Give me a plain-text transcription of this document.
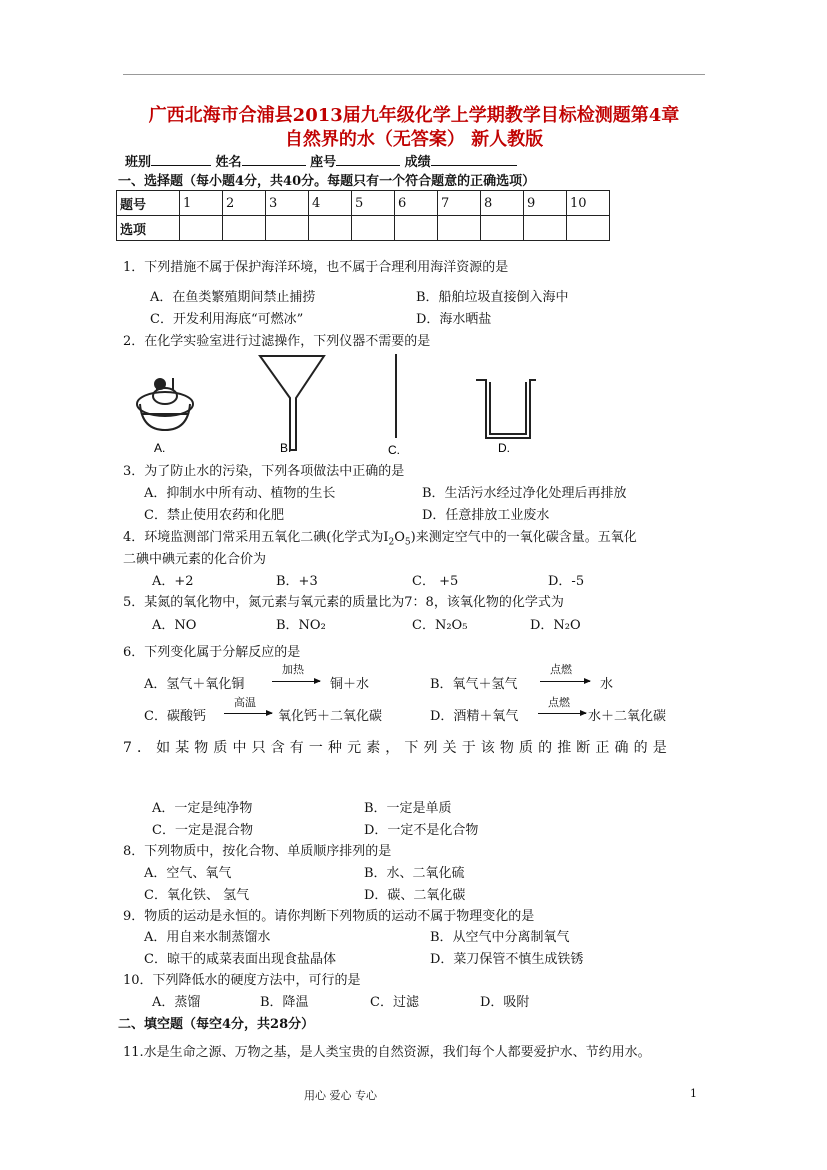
广西北海市合浦县2013届九年级化学上学期教学目标检测题第4章
自然界的水（无答案） 新人教版
班别	姓名	座号	成绩
一、选择题（每小题4分，共40分。每题只有一个符合题意的正确选项）
题号	1	2	3	4	5	6	7	8	9	10
选项										
1．下列措施不属于保护海洋环境，也不属于合理利用海洋资源的是
A．在鱼类繁殖期间禁止捕捞	B．船舶垃圾直接倒入海中
C．开发利用海底“可燃冰”	D．海水晒盐
2．在化学实验室进行过滤操作，下列仪器不需要的是
A.	B.	C.	D.
3．为了防止水的污染，下列各项做法中正确的是
A．抑制水中所有动、植物的生长	B．生活污水经过净化处理后再排放
C．禁止使用农药和化肥	D．任意排放工业废水
4．环境监测部门常采用五氧化二碘(化学式为$I_2O_5$)来测定空气中的一氧化碳含量。五氧化
二碘中碘元素的化合价为
A．+2	B．+3	C． +5	D．-5
5．某氮的氧化物中，氮元素与氧元素的质量比为7：8，该氧化物的化学式为
A．NO	B．NO₂	C．N₂O₅	D．N₂O
6．下列变化属于分解反应的是
A．氢气＋氧化铜
加热
→ 铜＋水	B．氧气＋氢气
点燃
→ 水
C．碳酸钙
高温
→ 氧化钙＋二氧化碳	D．酒精＋氧气
点燃
→ 水＋二氧化碳
7．如某物质中只含有一种元素，下列关于该物质的推断正确的是
A．一定是纯净物	B．一定是单质
C．一定是混合物	D．一定不是化合物
8．下列物质中，按化合物、单质顺序排列的是
A．空气、氧气	B．水、二氧化硫
C．氧化铁、 氢气	D．碳、二氧化碳
9．物质的运动是永恒的。请你判断下列物质的运动不属于物理变化的是
A．用自来水制蒸馏水	B．从空气中分离制氧气
C．晾干的咸菜表面出现食盐晶体	D．菜刀保管不慎生成铁锈
10．下列降低水的硬度方法中，可行的是
A．蒸馏	B．降温	C．过滤	D．吸附
二、填空题（每空4分，共28分）
11.水是生命之源、万物之基，是人类宝贵的自然资源，我们每个人都要爱护水、节约用水。
用心 爱心 专心	1
